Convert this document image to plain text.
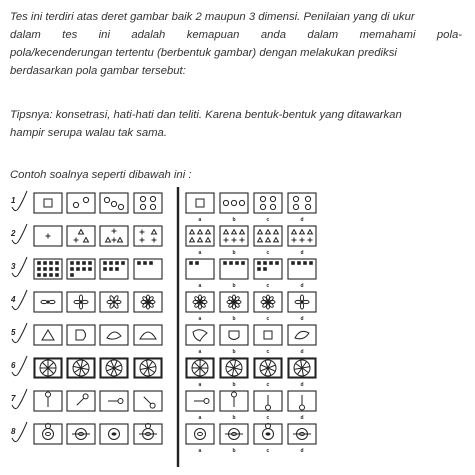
Tes ini terdiri atas deret gambar baik 2 maupun 3 dimensi. Penilaian yang di ukur
dalam tes ini adalah kemapuan anda dalam memahami pola-
pola/kecenderungan tertentu (berbentuk gambar) dengan melakukan prediksi
berdasarkan pola gambar tersebut:
Tipsnya: konsetrasi, hati-hati dan teliti. Karena bentuk-bentuk yang ditawarkan
hampir serupa walau tak sama.
Contoh soalnya seperti dibawah ini :
1
2
3
4
5
6
7
8
a	b	c	d
a	b	c	d
a	b	c	d
a	b	c	d
a	b	c	d
a	b	c	d
a	b	c	d
a	b	c	d
